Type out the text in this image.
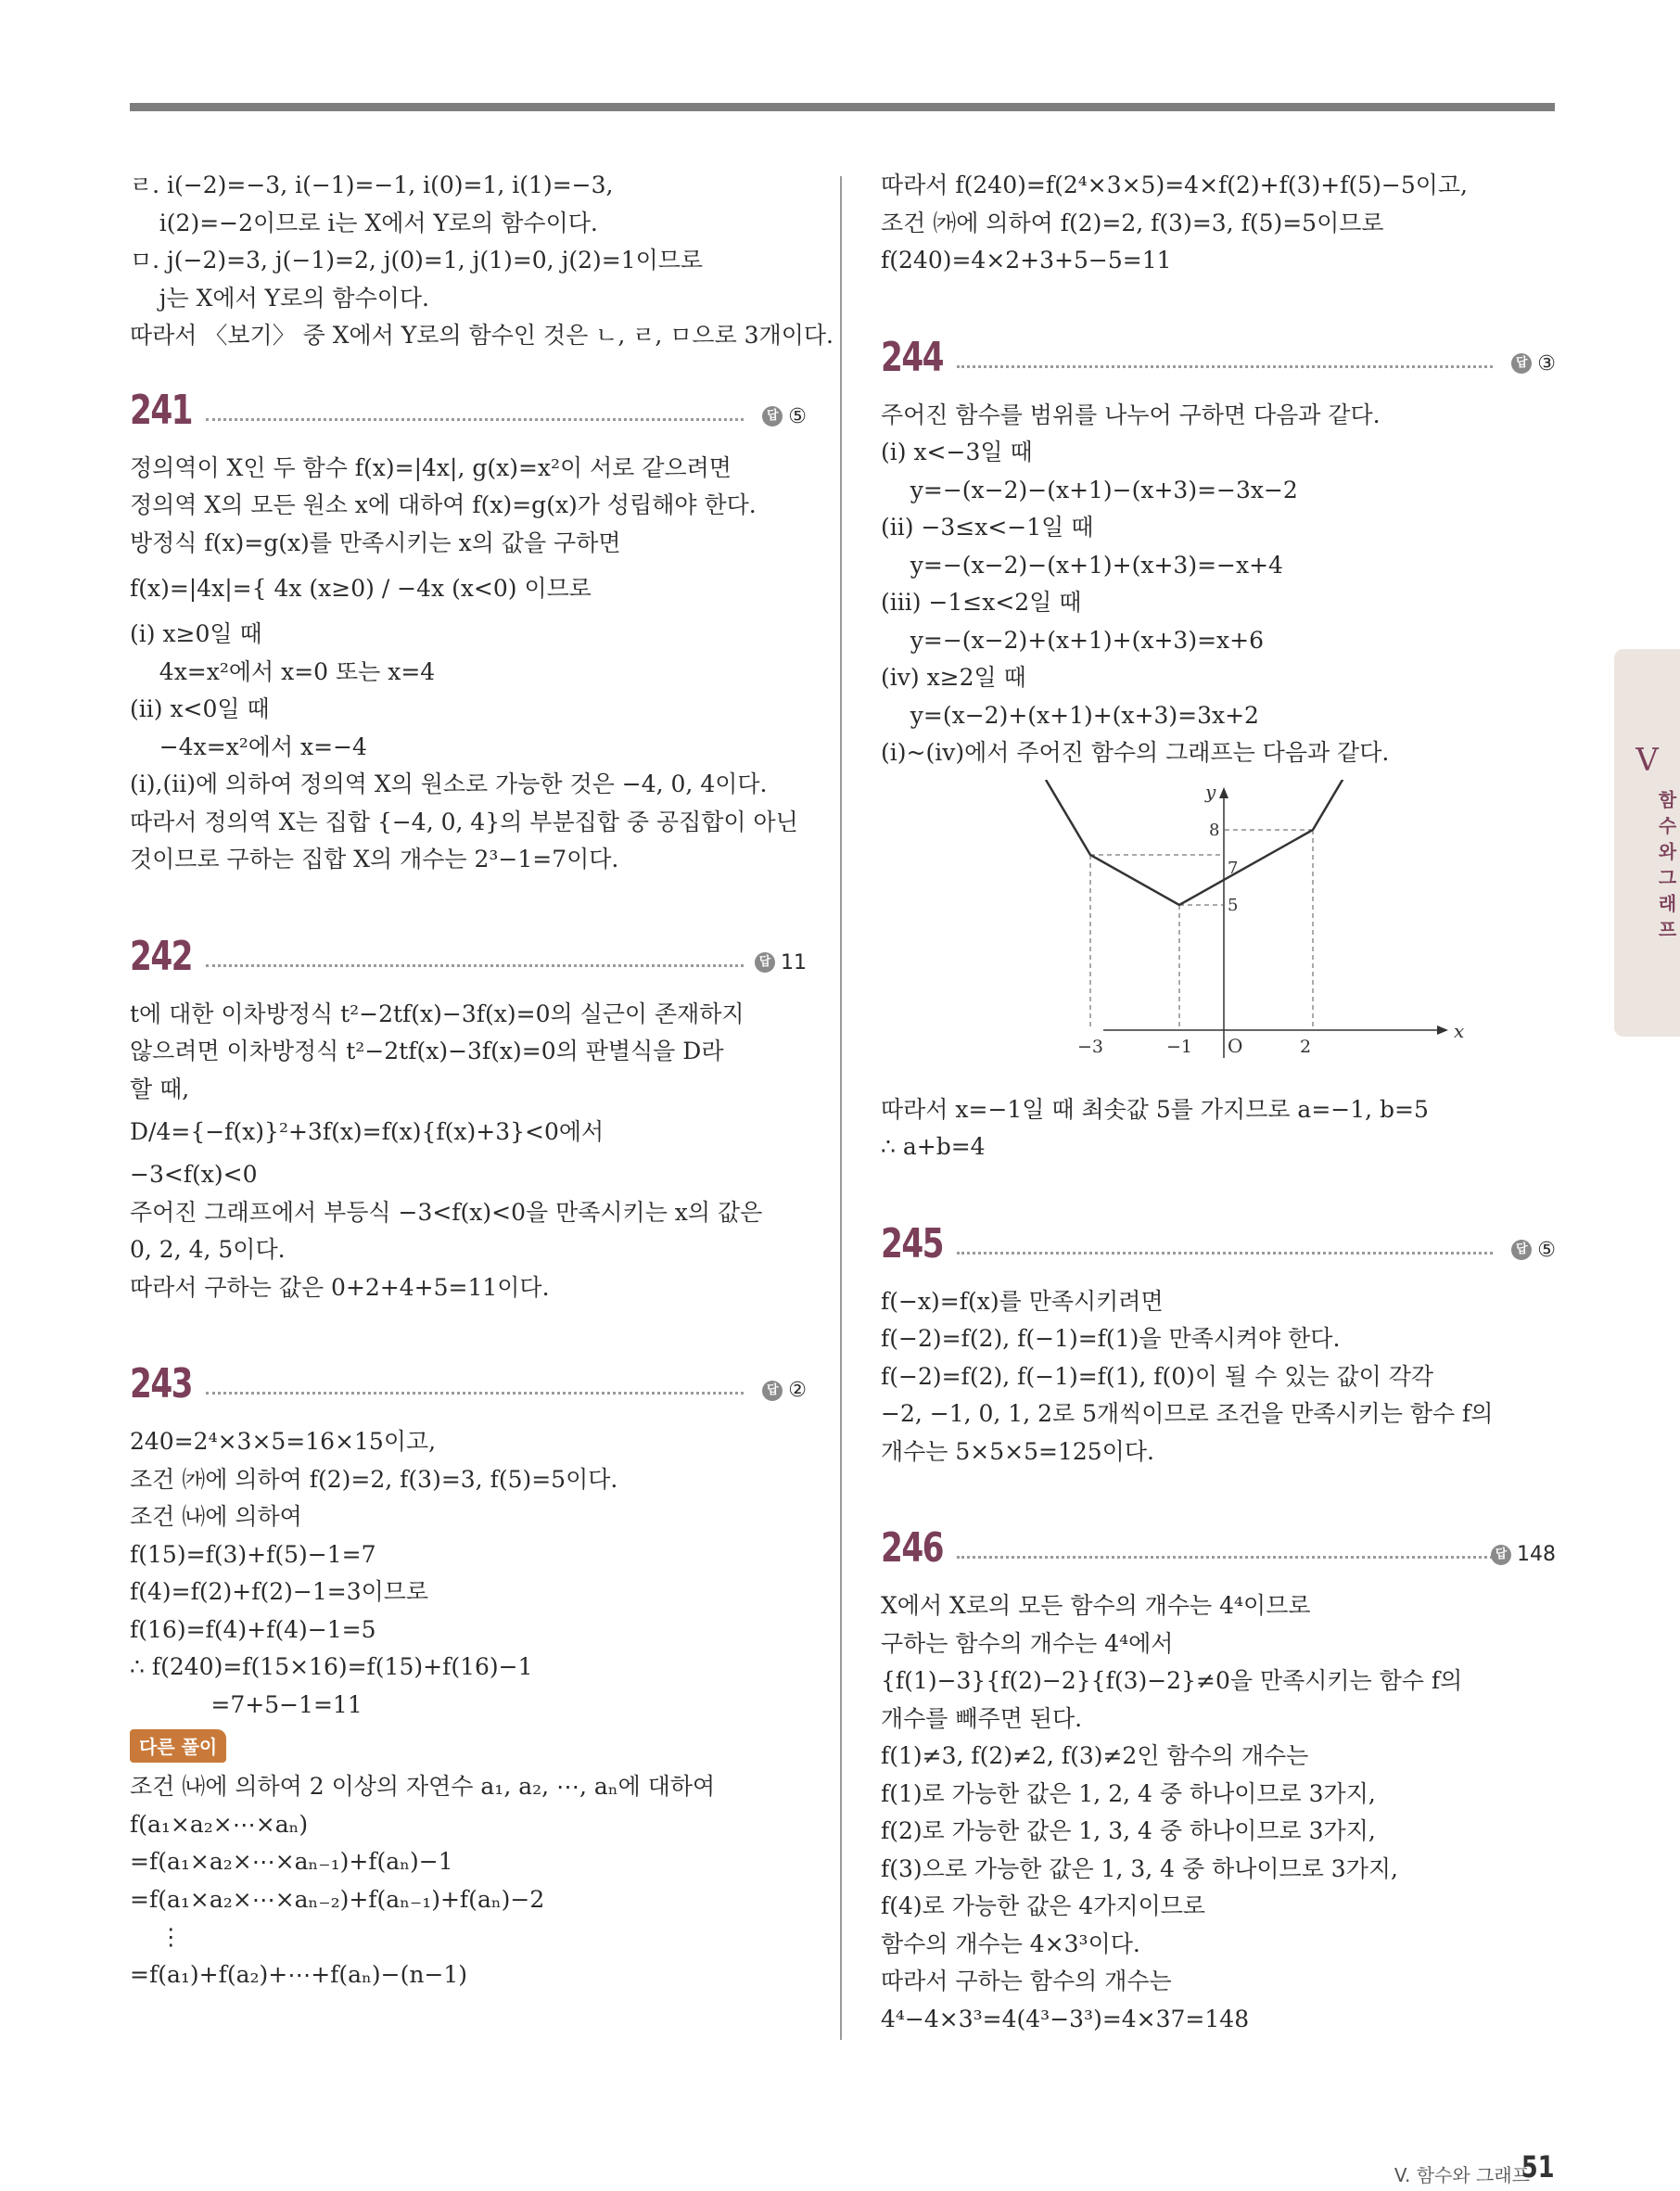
ㄹ. i(−2)=−3, i(−1)=−1, i(0)=1, i(1)=−3,
i(2)=−2이므로 i는 X에서 Y로의 함수이다.
ㅁ. j(−2)=3, j(−1)=2, j(0)=1, j(1)=0, j(2)=1이므로
j는 X에서 Y로의 함수이다.
따라서 〈보기〉 중 X에서 Y로의 함수인 것은 ㄴ, ㄹ, ㅁ으로 3개이다.
241	답 ⑤
정의역이 X인 두 함수 f(x)=|4x|, g(x)=x²이 서로 같으려면
정의역 X의 모든 원소 x에 대하여 f(x)=g(x)가 성립해야 한다.
방정식 f(x)=g(x)를 만족시키는 x의 값을 구하면
f(x)=|4x|={ 4x (x≥0) / −4x (x<0) 이므로
(i) x≥0일 때
4x=x²에서 x=0 또는 x=4
(ii) x<0일 때
−4x=x²에서 x=−4
(i),(ii)에 의하여 정의역 X의 원소로 가능한 것은 −4, 0, 4이다.
따라서 정의역 X는 집합 {−4, 0, 4}의 부분집합 중 공집합이 아닌
것이므로 구하는 집합 X의 개수는 2³−1=7이다.
242	답 11
t에 대한 이차방정식 t²−2tf(x)−3f(x)=0의 실근이 존재하지
않으려면 이차방정식 t²−2tf(x)−3f(x)=0의 판별식을 D라
할 때,
D/4={−f(x)}²+3f(x)=f(x){f(x)+3}<0에서
−3<f(x)<0
주어진 그래프에서 부등식 −3<f(x)<0을 만족시키는 x의 값은
0, 2, 4, 5이다.
따라서 구하는 값은 0+2+4+5=11이다.
243	답 ②
240=2⁴×3×5=16×15이고,
조건 ㈎에 의하여 f(2)=2, f(3)=3, f(5)=5이다.
조건 ㈏에 의하여
f(15)=f(3)+f(5)−1=7
f(4)=f(2)+f(2)−1=3이므로
f(16)=f(4)+f(4)−1=5
∴ f(240)=f(15×16)=f(15)+f(16)−1
=7+5−1=11
다른 풀이
조건 ㈏에 의하여 2 이상의 자연수 a₁, a₂, ⋯, aₙ에 대하여
f(a₁×a₂×⋯×aₙ)
=f(a₁×a₂×⋯×aₙ₋₁)+f(aₙ)−1
=f(a₁×a₂×⋯×aₙ₋₂)+f(aₙ₋₁)+f(aₙ)−2
⋮
=f(a₁)+f(a₂)+⋯+f(aₙ)−(n−1)
따라서 f(240)=f(2⁴×3×5)=4×f(2)+f(3)+f(5)−5이고,
조건 ㈎에 의하여 f(2)=2, f(3)=3, f(5)=5이므로
f(240)=4×2+3+5−5=11
244	답 ③
주어진 함수를 범위를 나누어 구하면 다음과 같다.
(i) x<−3일 때
y=−(x−2)−(x+1)−(x+3)=−3x−2
(ii) −3≤x<−1일 때
y=−(x−2)−(x+1)+(x+3)=−x+4
(iii) −1≤x<2일 때
y=−(x−2)+(x+1)+(x+3)=x+6
(iv) x≥2일 때
y=(x−2)+(x+1)+(x+3)=3x+2
(i)~(iv)에서 주어진 함수의 그래프는 다음과 같다.
y
x
O
−3	−1	2
8
7
5
따라서 x=−1일 때 최솟값 5를 가지므로 a=−1, b=5
∴ a+b=4
245	답 ⑤
f(−x)=f(x)를 만족시키려면
f(−2)=f(2), f(−1)=f(1)을 만족시켜야 한다.
f(−2)=f(2), f(−1)=f(1), f(0)이 될 수 있는 값이 각각
−2, −1, 0, 1, 2로 5개씩이므로 조건을 만족시키는 함수 f의
개수는 5×5×5=125이다.
246	답 148
X에서 X로의 모든 함수의 개수는 4⁴이므로
구하는 함수의 개수는 4⁴에서
{f(1)−3}{f(2)−2}{f(3)−2}≠0을 만족시키는 함수 f의
개수를 빼주면 된다.
f(1)≠3, f(2)≠2, f(3)≠2인 함수의 개수는
f(1)로 가능한 값은 1, 2, 4 중 하나이므로 3가지,
f(2)로 가능한 값은 1, 3, 4 중 하나이므로 3가지,
f(3)으로 가능한 값은 1, 3, 4 중 하나이므로 3가지,
f(4)로 가능한 값은 4가지이므로
함수의 개수는 4×3³이다.
따라서 구하는 함수의 개수는
4⁴−4×3³=4(4³−3³)=4×37=148
V
함수와그래프
V. 함수와 그래프
51
